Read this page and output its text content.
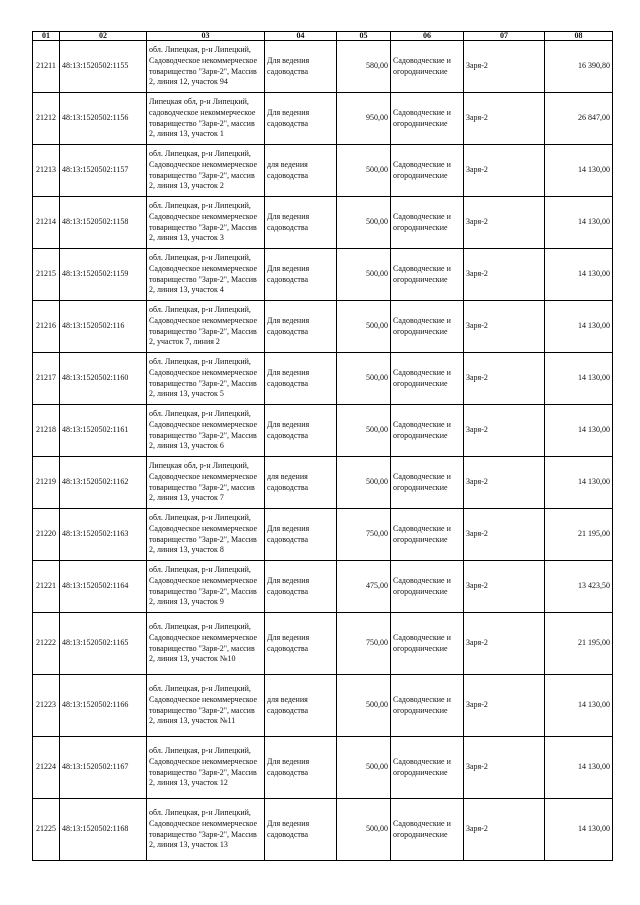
01	02	03	04	05	06	07	08
21211	48:13:1520502:1155	обл. Липецкая, р-н Липецкий, Садоводческое некоммерческое товарищество "Заря-2", Массив 2, линия 12, участок 94	Для ведения садоводства	580,00	Садоводческие и огороднические	Заря-2	16 390,80
21212	48:13:1520502:1156	Липецкая обл, р-н Липецкий, садоводческое некоммерческое товарищество "Заря-2", массив 2, линия 13, участок 1	Для ведения садоводства	950,00	Садоводческие и огороднические	Заря-2	26 847,00
21213	48:13:1520502:1157	обл. Липецкая, р-н Липецкий, Садоводческое некоммерческое товарищество "Заря-2", массив 2, линия 13, участок 2	для ведения садоводства	500,00	Садоводческие и огороднические	Заря-2	14 130,00
21214	48:13:1520502:1158	обл. Липецкая, р-н Липецкий, Садоводческое некоммерческое товарищество "Заря-2", Массив 2, линия 13, участок 3	Для ведения садоводства	500,00	Садоводческие и огороднические	Заря-2	14 130,00
21215	48:13:1520502:1159	обл. Липецкая, р-н Липецкий, Садоводческое некоммерческое товарищество "Заря-2", Массив 2, линия 13, участок 4	Для ведения садоводства	500,00	Садоводческие и огороднические	Заря-2	14 130,00
21216	48:13:1520502:116	обл. Липецкая, р-н Липецкий, Садоводческое некоммерческое товарищество "Заря-2", Массив 2, участок 7, линия 2	Для ведения садоводства	500,00	Садоводческие и огороднические	Заря-2	14 130,00
21217	48:13:1520502:1160	обл. Липецкая, р-н Липецкий, Садоводческое некоммерческое товарищество "Заря-2", Массив 2, линия 13, участок 5	Для ведения садоводства	500,00	Садоводческие и огороднические	Заря-2	14 130,00
21218	48:13:1520502:1161	обл. Липецкая, р-н Липецкий, Садоводческое некоммерческое товарищество "Заря-2", Массив 2, линия 13, участок 6	Для ведения садоводства	500,00	Садоводческие и огороднические	Заря-2	14 130,00
21219	48:13:1520502:1162	Липецкая обл, р-н Липецкий, Садоводческое некоммерческое товарищество "Заря-2", массив 2, линия 13, участок 7	для ведения садоводства	500,00	Садоводческие и огороднические	Заря-2	14 130,00
21220	48:13:1520502:1163	обл. Липецкая, р-н Липецкий, Садоводческое некоммерческое товарищество "Заря-2", Массив 2, линия 13, участок 8	Для ведения садоводства	750,00	Садоводческие и огороднические	Заря-2	21 195,00
21221	48:13:1520502:1164	обл. Липецкая, р-н Липецкий, Садоводческое некоммерческое товарищество "Заря-2", Массив 2, линия 13, участок 9	Для ведения садоводства	475,00	Садоводческие и огороднические	Заря-2	13 423,50
21222	48:13:1520502:1165	обл. Липецкая, р-н Липецкий, Садоводческое некоммерческое товарищество "Заря-2", массив 2, линия 13, участок №10	Для ведения садоводства	750,00	Садоводческие и огороднические	Заря-2	21 195,00
21223	48:13:1520502:1166	обл. Липецкая, р-н Липецкий, Садоводческое некоммерческое товарищество "Заря-2", массив 2, линия 13, участок №11	для ведения садоводства	500,00	Садоводческие и огороднические	Заря-2	14 130,00
21224	48:13:1520502:1167	обл. Липецкая, р-н Липецкий, Садоводческое некоммерческое товарищество "Заря-2", Массив 2, линия 13, участок 12	Для ведения садоводства	500,00	Садоводческие и огороднические	Заря-2	14 130,00
21225	48:13:1520502:1168	обл. Липецкая, р-н Липецкий, Садоводческое некоммерческое товарищество "Заря-2", Массив 2, линия 13, участок 13	Для ведения садоводства	500,00	Садоводческие и огороднические	Заря-2	14 130,00
